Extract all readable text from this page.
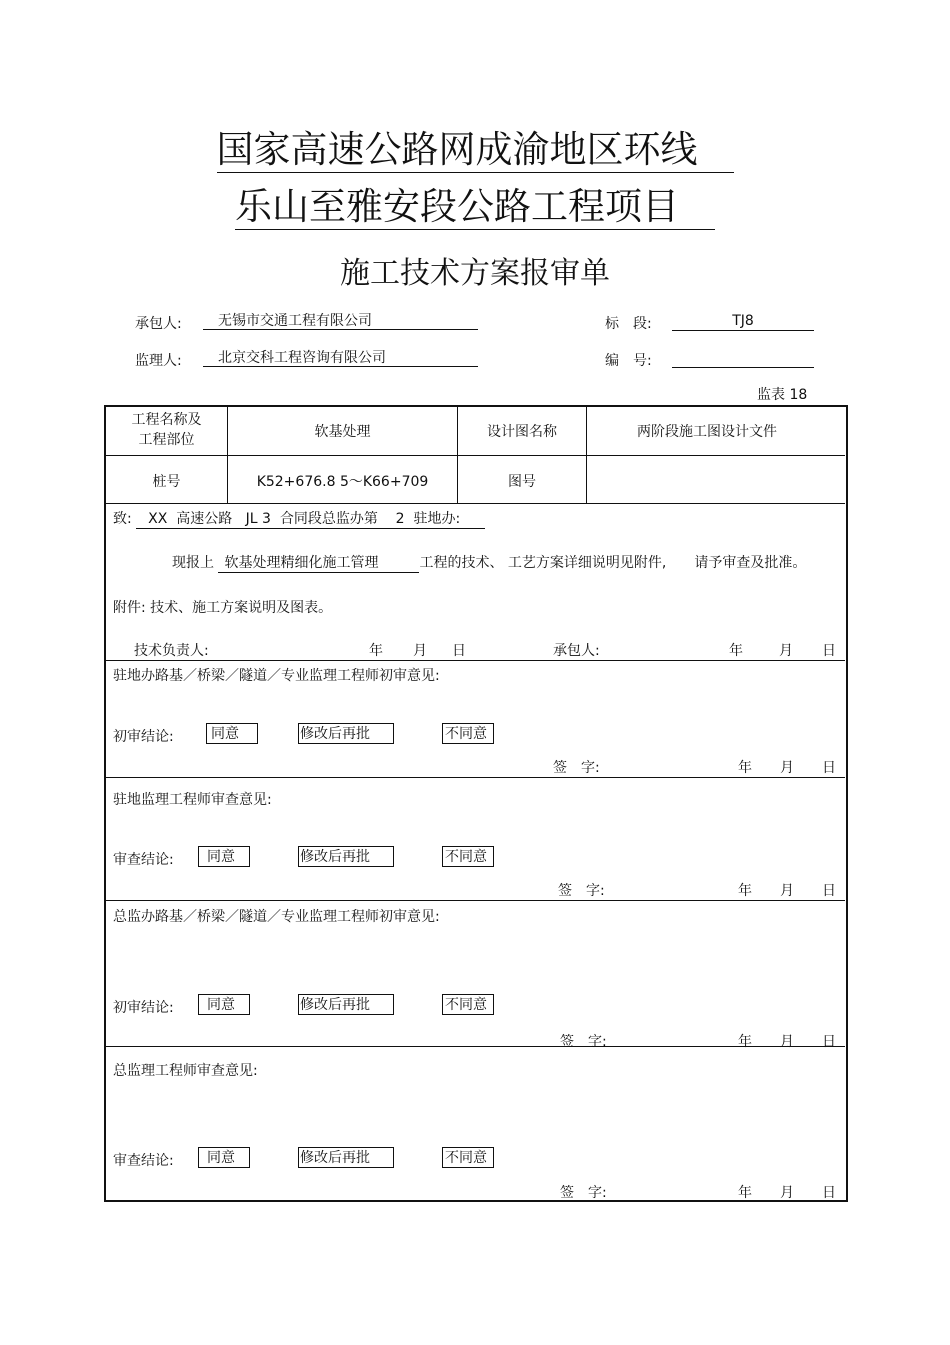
国家高速公路网成渝地区环线
乐山至雅安段公路工程项目
施工技术方案报审单
承包人:	无锡市交通工程有限公司	标　段:	TJ8
监理人:	北京交科工程咨询有限公司	编　号:
监表 18
工程名称及
工程部位	软基处理	设计图名称	两阶段施工图设计文件
桩号	K52+676.8 5～K66+709	图号
致: XX 高速公路 JL 3 合同段总监办第 2 驻地办:
现报上 软基处理精细化施工管理	工程的技术、 工艺方案详细说明见附件,　　请予审查及批准。
附件: 技术、施工方案说明及图表。
技术负责人:	年 月 日	承包人:	年	月 日
驻地办路基／桥梁／隧道／专业监理工程师初审意见:
初审结论:	同意	修改后再批	不同意
签　字:	年 月 日
驻地监理工程师审查意见:
审查结论:	同意	修改后再批	不同意
签　字:	年 月 日
总监办路基／桥梁／隧道／专业监理工程师初审意见:
初审结论:	同意	修改后再批	不同意
签　字:	年 月 日
总监理工程师审查意见:
审查结论:	同意	修改后再批	不同意
签　字:	年 月 日
